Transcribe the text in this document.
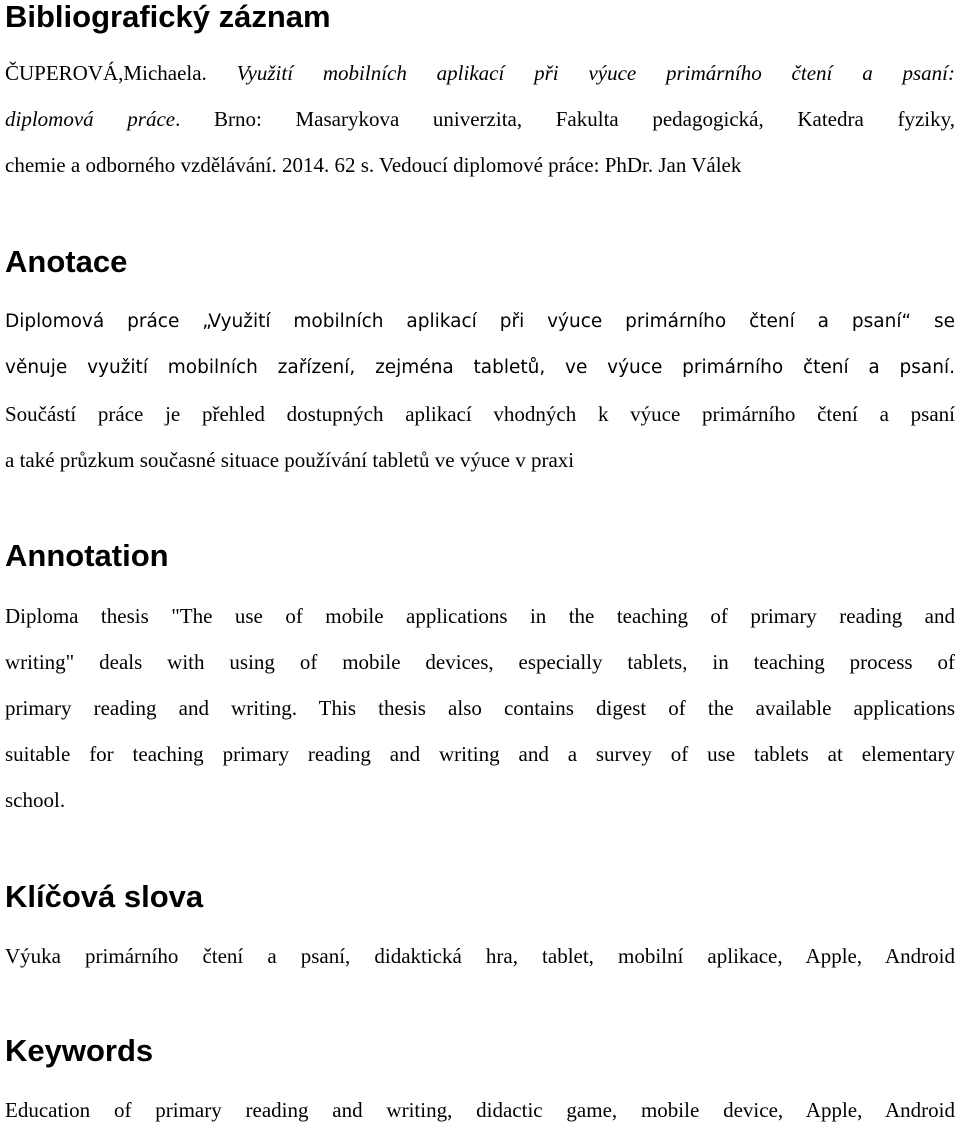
Bibliografický záznam
ČUPEROVÁ,Michaela. Využití mobilních aplikací při výuce primárního čtení a psaní:
diplomová práce. Brno: Masarykova univerzita, Fakulta pedagogická, Katedra fyziky,
chemie a odborného vzdělávání. 2014. 62 s. Vedoucí diplomové práce: PhDr. Jan Válek
Anotace
Diplomová práce „Využití mobilních aplikací při výuce primárního čtení a psaní“ se
věnuje využití mobilních zařízení, zejména tabletů, ve výuce primárního čtení a psaní.
Součástí práce je přehled dostupných aplikací vhodných k výuce primárního čtení a psaní
a také průzkum současné situace používání tabletů ve výuce v praxi
Annotation
Diploma thesis "The use of mobile applications in the teaching of primary reading and
writing" deals with using of mobile devices, especially tablets, in teaching process of
primary reading and writing. This thesis also contains digest of the available applications
suitable for teaching primary reading and writing and a survey of use tablets at elementary
school.
Klíčová slova
Výuka primárního čtení a psaní, didaktická hra, tablet, mobilní aplikace, Apple, Android
Keywords
Education of primary reading and writing, didactic game, mobile device, Apple, Android
